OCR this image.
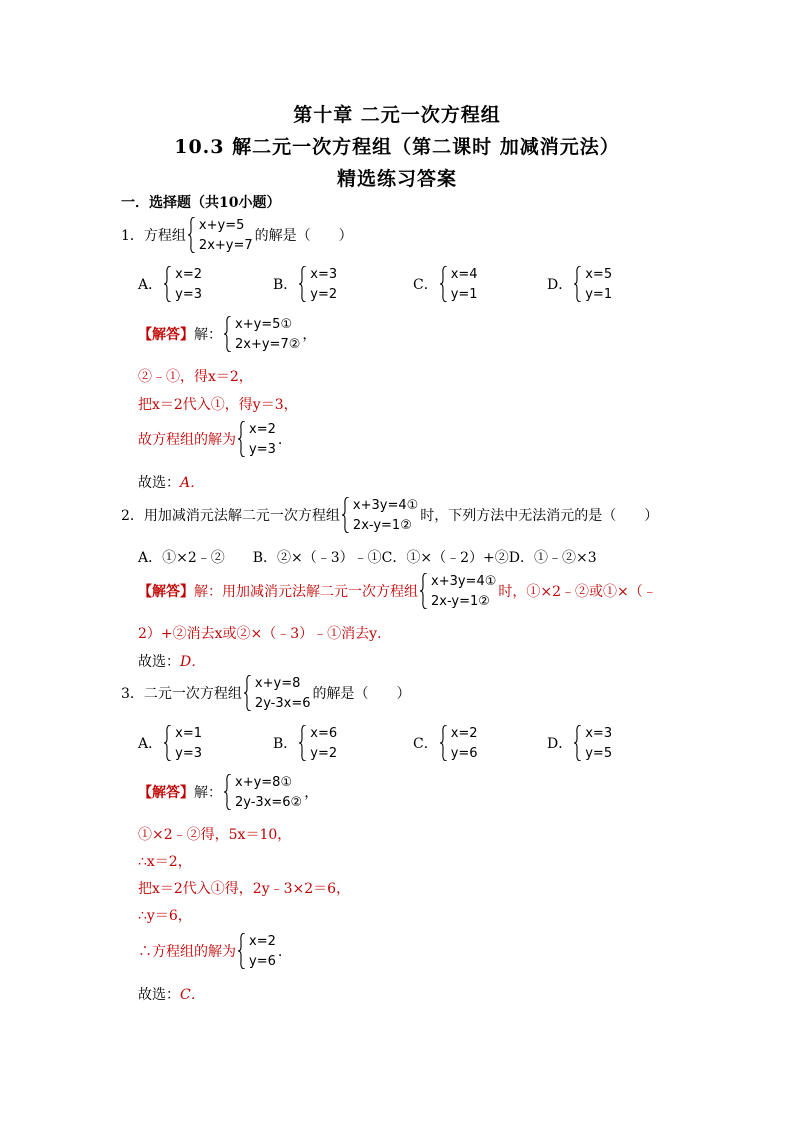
第十章 二元一次方程组
10.3 解二元一次方程组（第二课时 加减消元法）
精选练习答案
一．选择题（共10小题）
1．方程组
x+y=5
2x+y=7
的解是（　　）
A．
x=2
y=3
B．
x=3
y=2
C．
x=4
y=1
D．
x=5
y=1
【解答】解：
x+y=5①
2x+y=7②
，
②﹣①，得x＝2，
把x＝2代入①，得y＝3，
故方程组的解为
x=2
y=3
.
故选：A．
2．用加减消元法解二元一次方程组
x+3y=4①
2x-y=1②
时，下列方法中无法消元的是（　　）
A．①×2﹣②　　B．②×（﹣3）﹣①C．①×（﹣2）+②D．①﹣②×3
【解答】解：用加减消元法解二元一次方程组
x+3y=4①
2x-y=1②
时，①×2﹣②或①×（﹣
2）+②消去x或②×（﹣3）﹣①消去y．
故选：D．
3．二元一次方程组
x+y=8
2y-3x=6
的解是（　　）
A．
x=1
y=3
B．
x=6
y=2
C．
x=2
y=6
D．
x=3
y=5
【解答】解：
x+y=8①
2y-3x=6②
，
①×2﹣②得，5x＝10，
∴x＝2，
把x＝2代入①得，2y﹣3×2＝6，
∴y＝6，
∴方程组的解为
x=2
y=6
.
故选：C．
